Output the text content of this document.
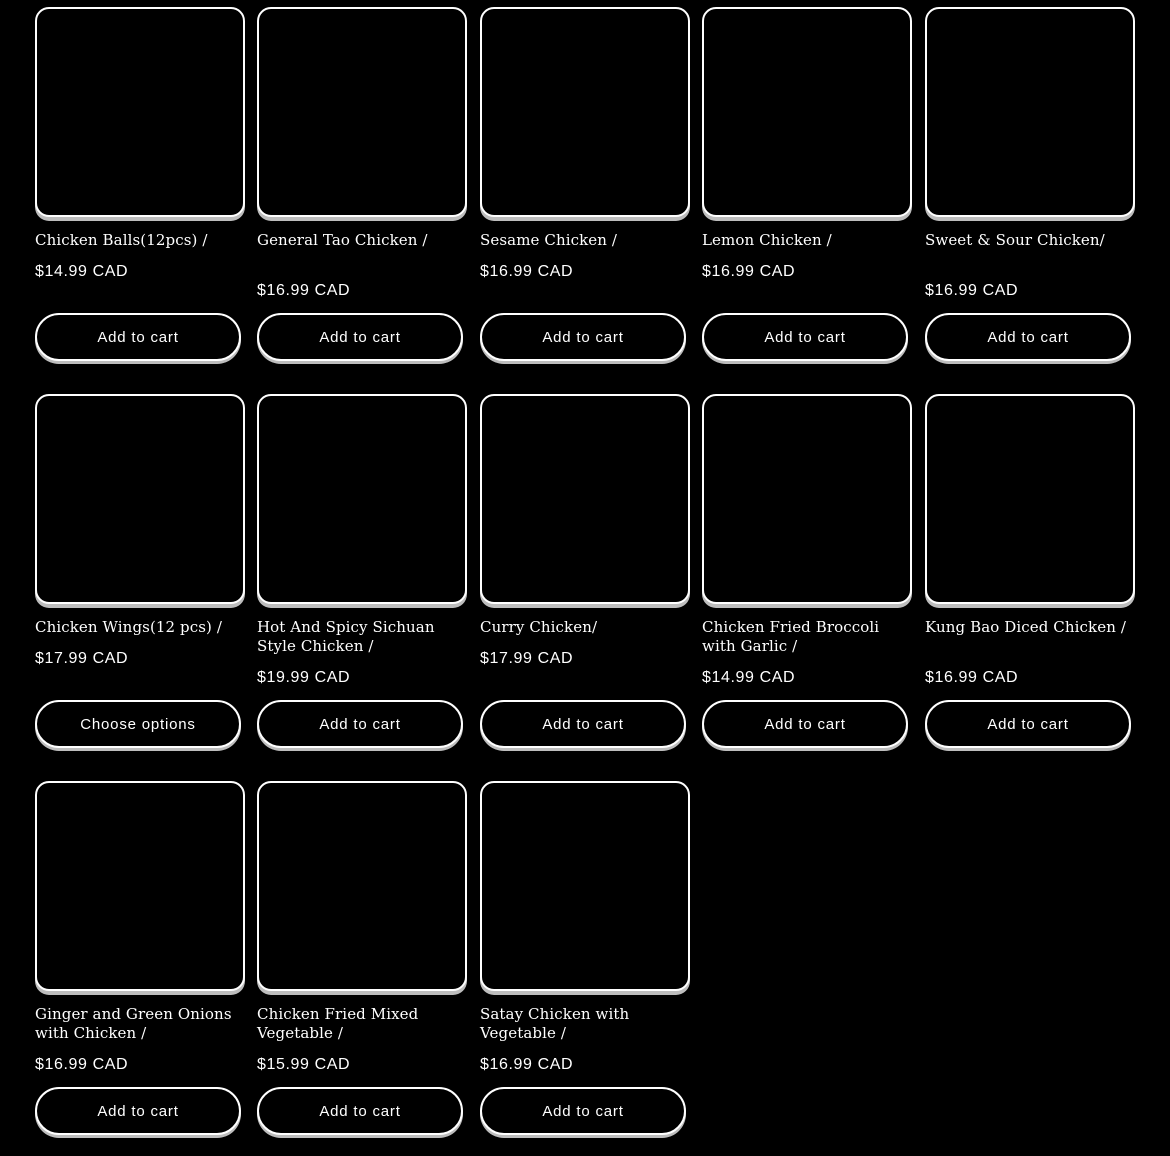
Chicken Balls(12pcs) /
$14.99 CAD
Add to cart
General Tao Chicken /
$16.99 CAD
Add to cart
Sesame Chicken /
$16.99 CAD
Add to cart
Lemon Chicken /
$16.99 CAD
Add to cart
Sweet & Sour Chicken/
$16.99 CAD
Add to cart
Chicken Wings(12 pcs) /
$17.99 CAD
Choose options
Hot And Spicy Sichuan Style Chicken /
$19.99 CAD
Add to cart
Curry Chicken/
$17.99 CAD
Add to cart
Chicken Fried Broccoli with Garlic /
$14.99 CAD
Add to cart
Kung Bao Diced Chicken /
$16.99 CAD
Add to cart
Ginger and Green Onions with Chicken /
$16.99 CAD
Add to cart
Chicken Fried Mixed Vegetable /
$15.99 CAD
Add to cart
Satay Chicken with Vegetable /
$16.99 CAD
Add to cart
